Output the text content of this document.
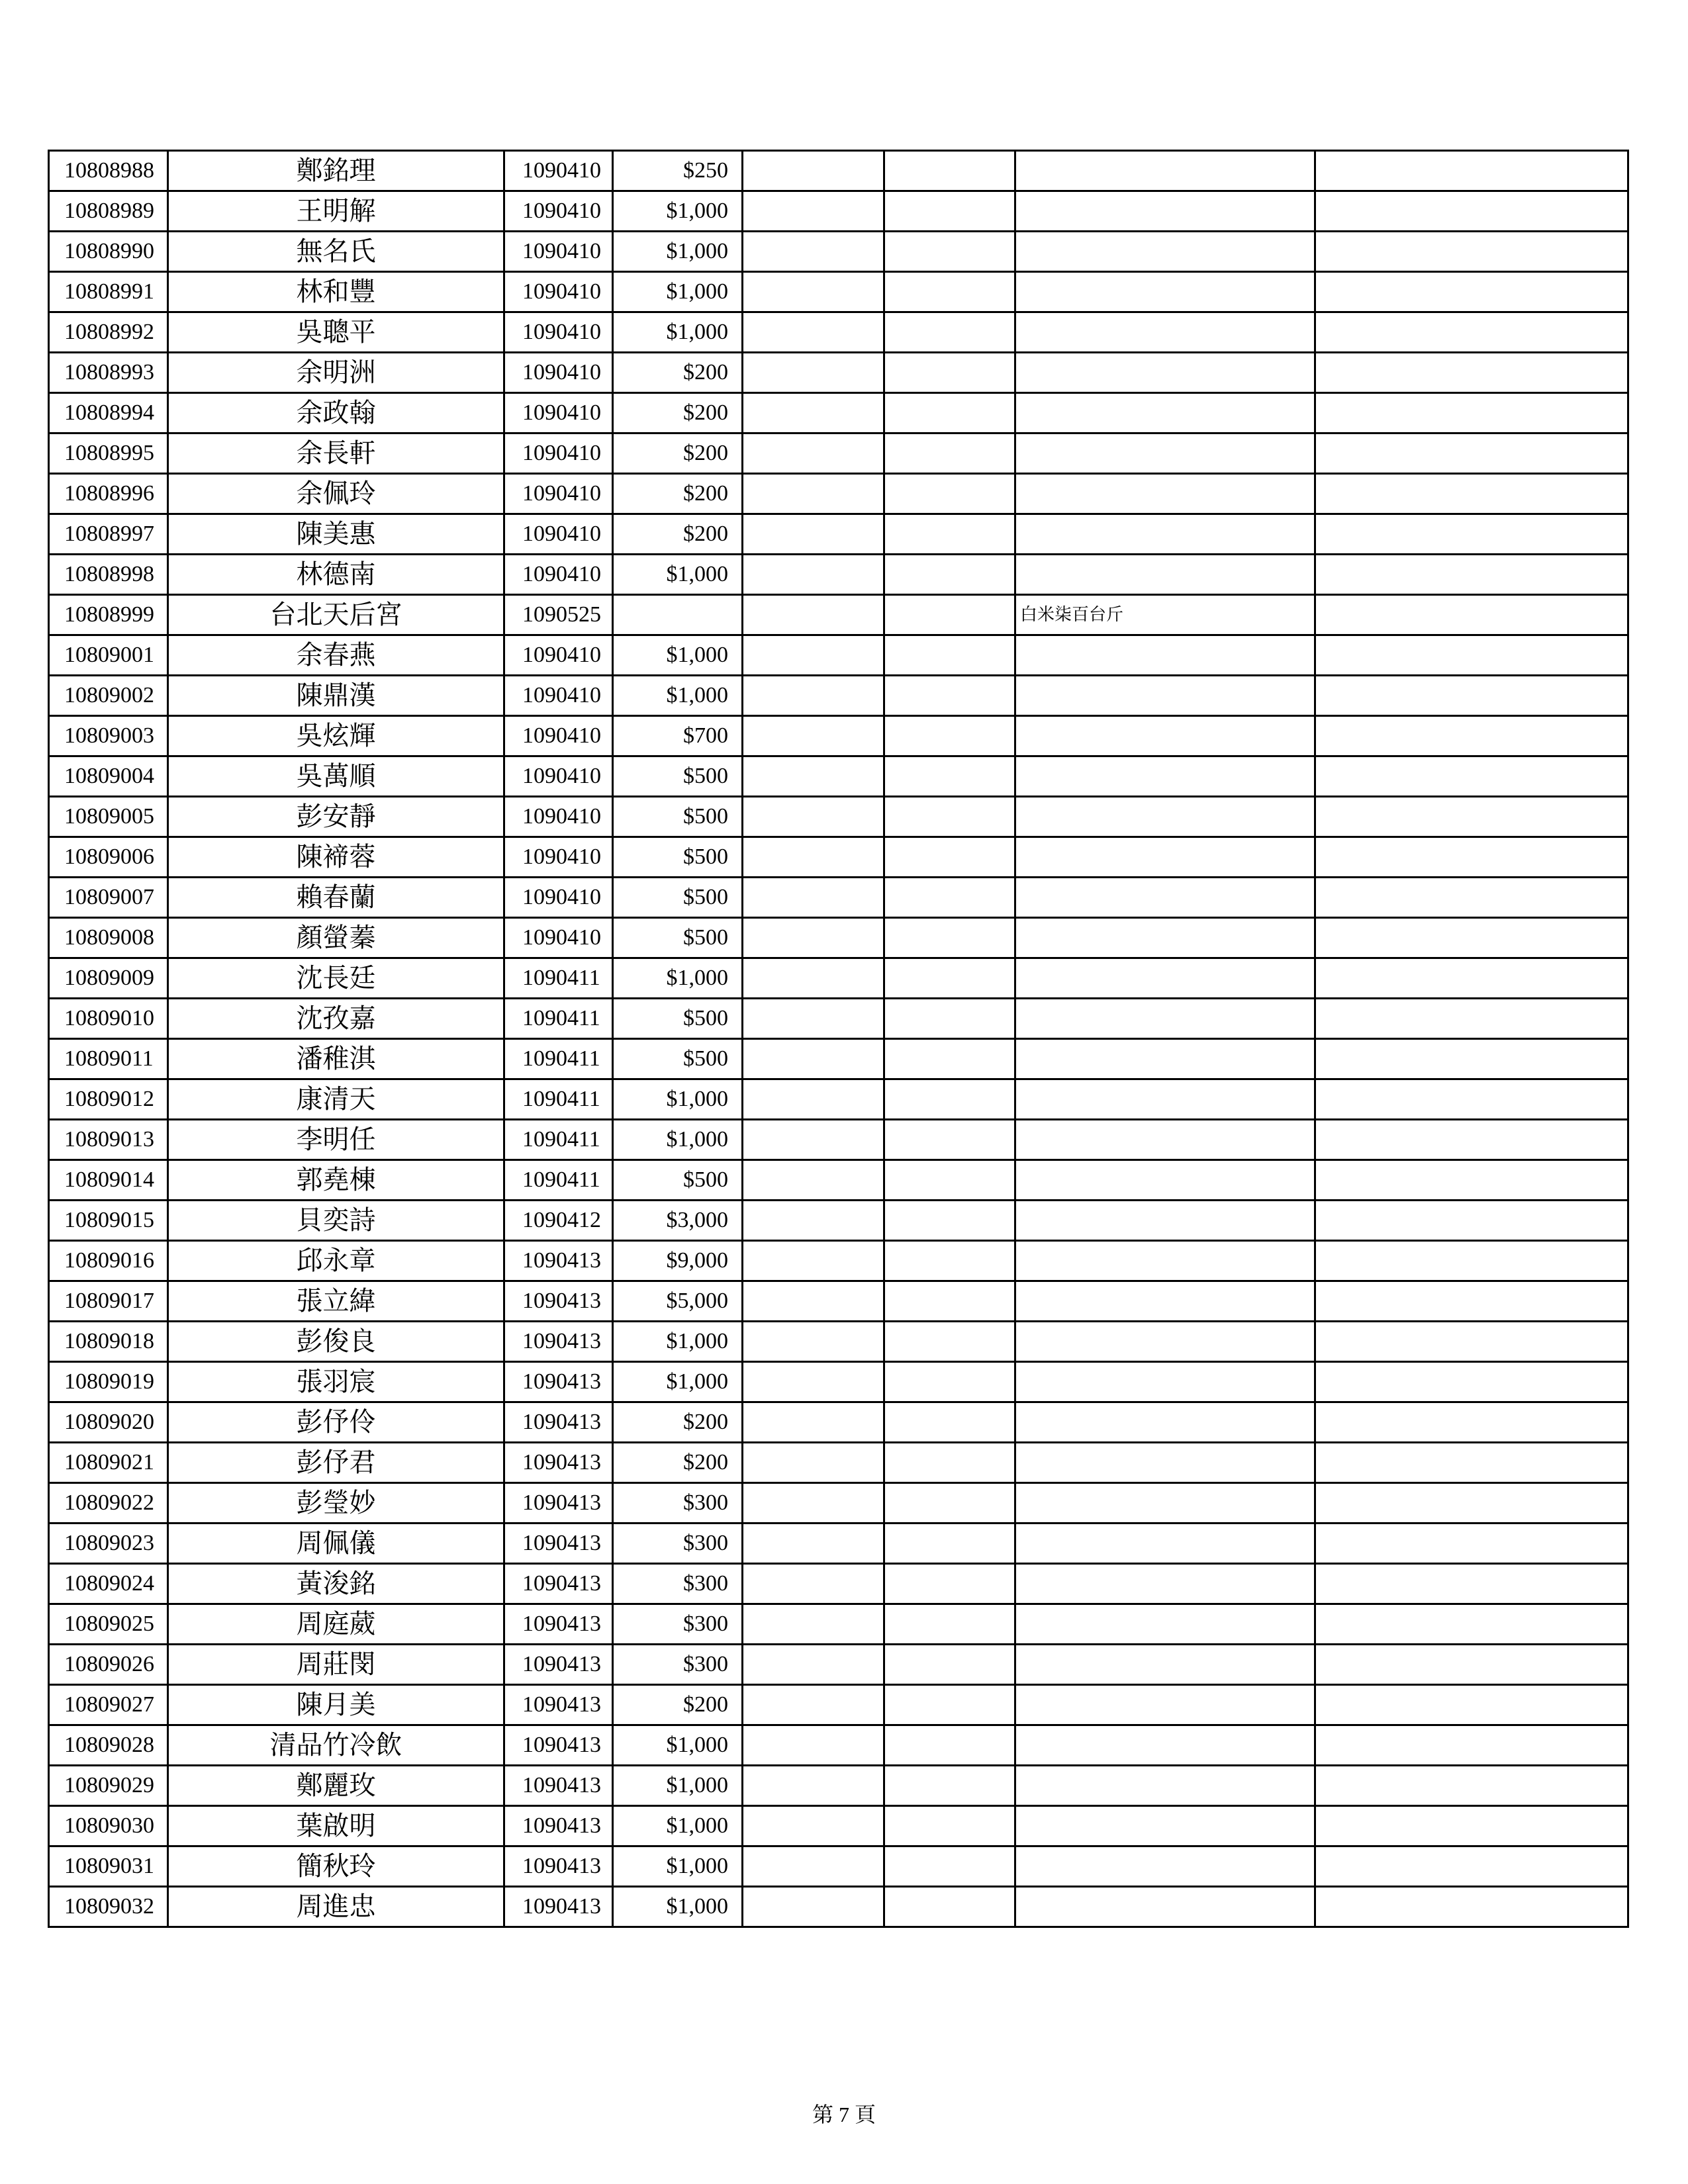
10808988	鄭銘理	1090410	$250				
10808989	王明解	1090410	$1,000				
10808990	無名氏	1090410	$1,000				
10808991	林和豐	1090410	$1,000				
10808992	吳聰平	1090410	$1,000				
10808993	余明洲	1090410	$200				
10808994	余政翰	1090410	$200				
10808995	余長軒	1090410	$200				
10808996	余佩玲	1090410	$200				
10808997	陳美惠	1090410	$200				
10808998	林德南	1090410	$1,000				
10808999	台北天后宮	1090525				白米柒百台斤	
10809001	余春燕	1090410	$1,000				
10809002	陳鼎漢	1090410	$1,000				
10809003	吳炫輝	1090410	$700				
10809004	吳萬順	1090410	$500				
10809005	彭安靜	1090410	$500				
10809006	陳褅蓉	1090410	$500				
10809007	賴春蘭	1090410	$500				
10809008	顏螢蓁	1090410	$500				
10809009	沈長廷	1090411	$1,000				
10809010	沈孜嘉	1090411	$500				
10809011	潘稚淇	1090411	$500				
10809012	康清天	1090411	$1,000				
10809013	李明任	1090411	$1,000				
10809014	郭堯棟	1090411	$500				
10809015	貝奕詩	1090412	$3,000				
10809016	邱永章	1090413	$9,000				
10809017	張立緯	1090413	$5,000				
10809018	彭俊良	1090413	$1,000				
10809019	張羽宸	1090413	$1,000				
10809020	彭伃伶	1090413	$200				
10809021	彭伃君	1090413	$200				
10809022	彭瑩妙	1090413	$300				
10809023	周佩儀	1090413	$300				
10809024	黃浚銘	1090413	$300				
10809025	周庭葳	1090413	$300				
10809026	周莊閔	1090413	$300				
10809027	陳月美	1090413	$200				
10809028	清品竹冷飲	1090413	$1,000				
10809029	鄭麗玫	1090413	$1,000				
10809030	葉啟明	1090413	$1,000				
10809031	簡秋玲	1090413	$1,000				
10809032	周進忠	1090413	$1,000				
第 7 頁
